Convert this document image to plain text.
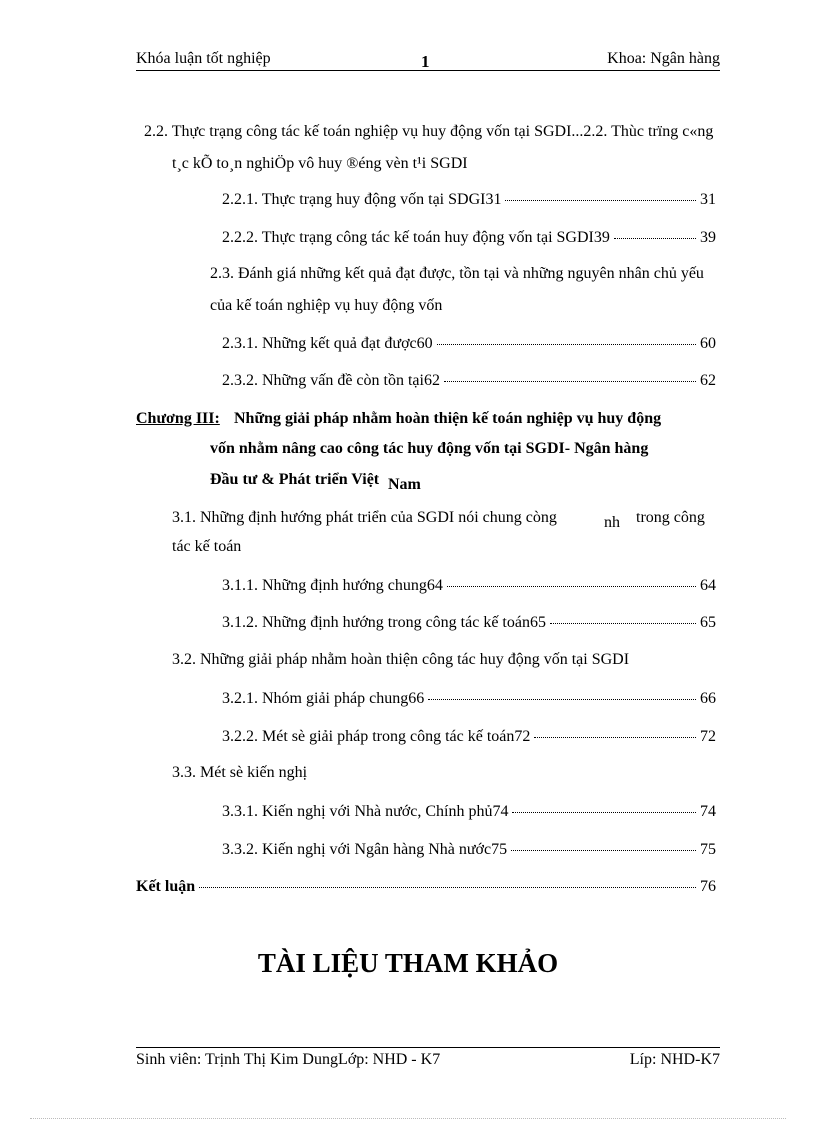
Khóa luận tốt nghiệp	1	Khoa: Ngân hàng
2.2. Thực trạng công tác kế toán nghiệp vụ huy động vốn tại SGDI...2.2. Thùc trïng c«ng t¸c kÕ to¸n nghiÖp vô huy ®éng vèn t¹i SGDI
2.2.1. Thực trạng huy động vốn tại SDGI31	31
2.2.2. Thực trạng công tác kế toán huy động vốn tại SGDI39	39
2.3. Đánh giá những kết quả đạt được, tồn tại và những nguyên nhân chủ yếu của kế toán nghiệp vụ huy động vốn
2.3.1. Những kết quả đạt được60	60
2.3.2. Những vấn đề còn tồn tại62	62
Chương III: Những giải pháp nhằm hoàn thiện kế toán nghiệp vụ huy động
vốn nhằm nâng cao công tác huy động vốn tại SGDI- Ngân hàng
Đầu tư & Phát triển Việt Nam
3.1. Những định hướng phát triển của SGDI nói chung còng	nh trong công
tác kế toán
3.1.1. Những định hướng chung64	64
3.1.2. Những định hướng trong công tác kế toán65	65
3.2. Những giải pháp nhằm hoàn thiện công tác huy động vốn tại SGDI
3.2.1. Nhóm giải pháp chung66	66
3.2.2. Mét sè giải pháp trong công tác kế toán72	72
3.3. Mét sè kiến nghị
3.3.1. Kiến nghị với Nhà nước, Chính phủ74	74
3.3.2. Kiến nghị với Ngân hàng Nhà nước75	75
Kết luận	76
TÀI LIỆU THAM KHẢO
Sinh viên: Trịnh Thị Kim DungLớp: NHD - K7	Líp: NHD-K7
